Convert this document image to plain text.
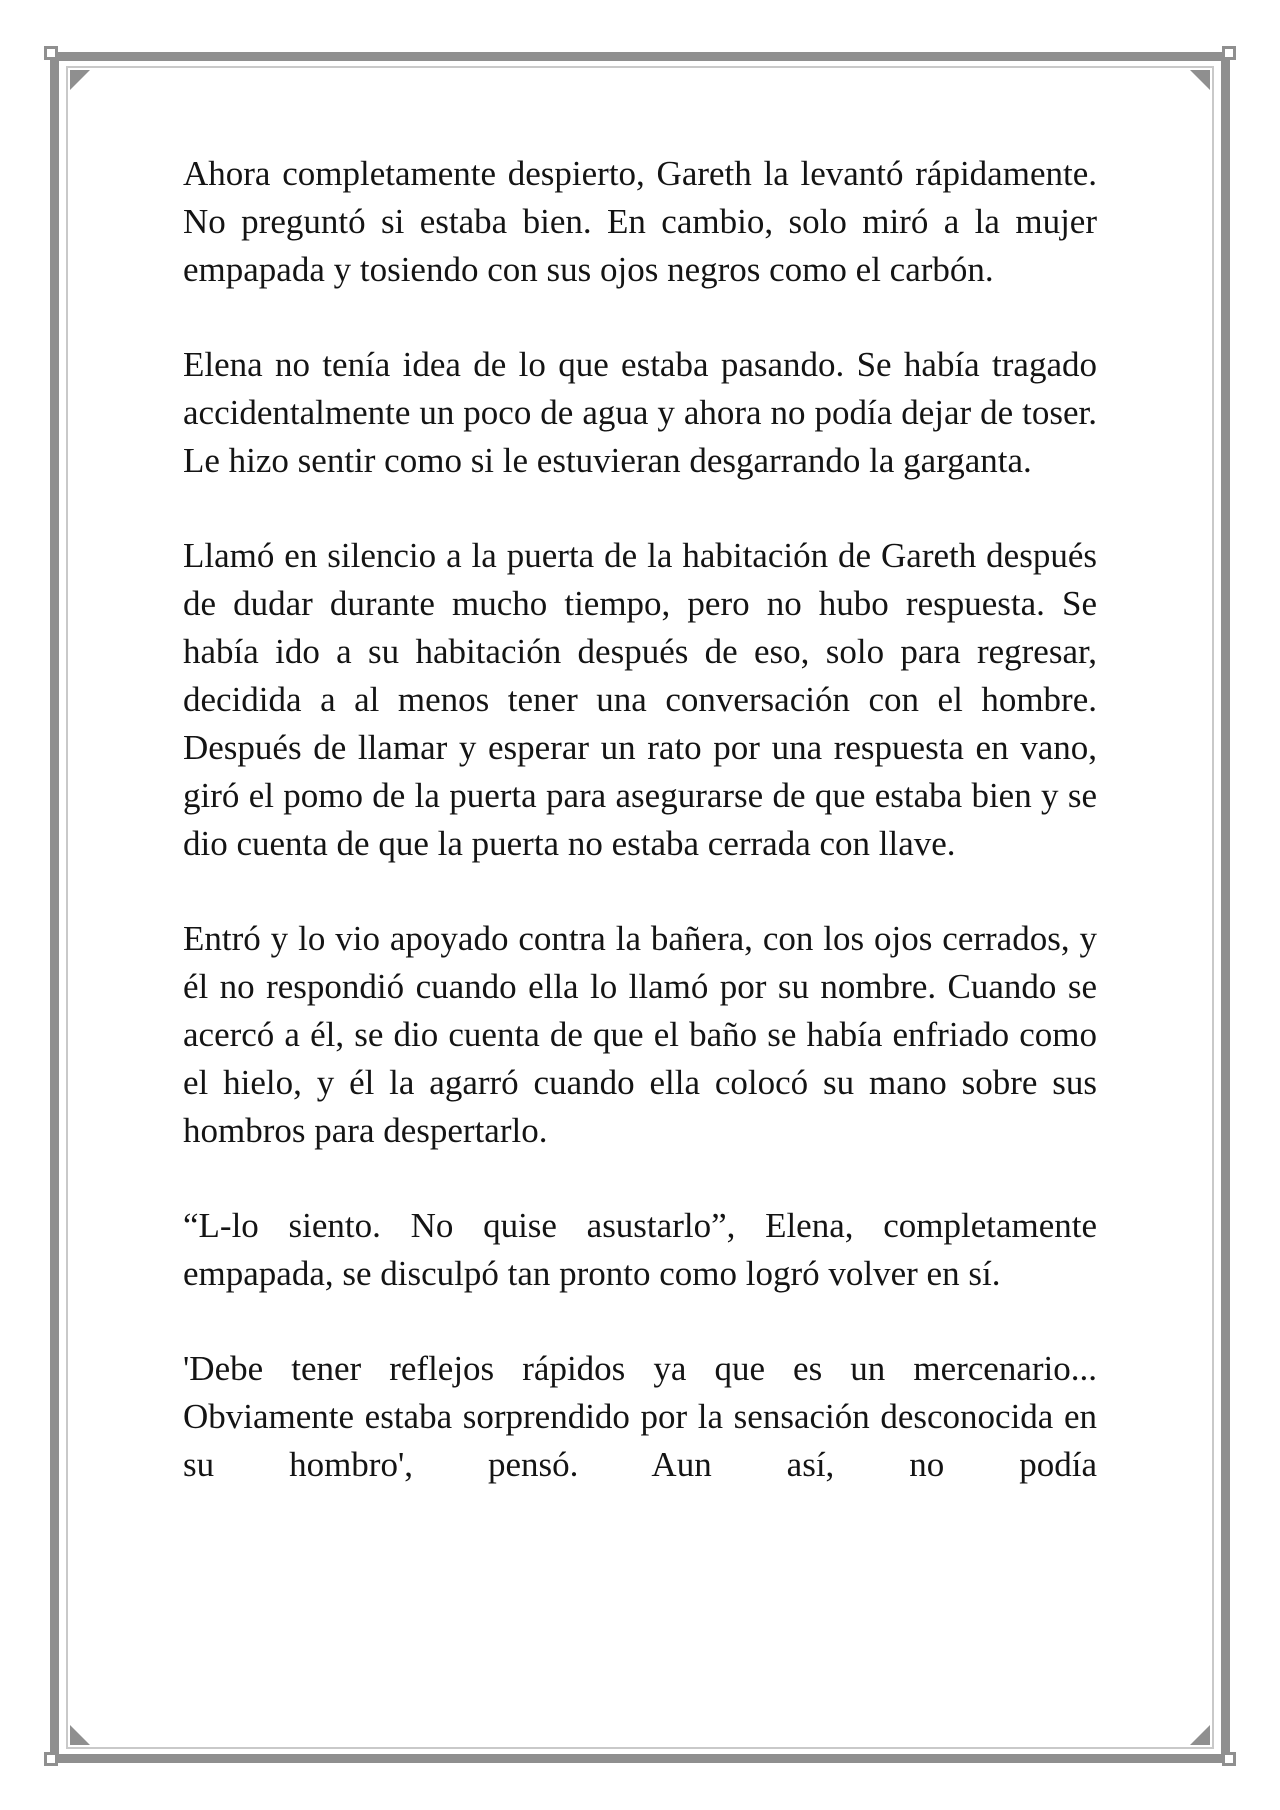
Ahora completamente despierto, Gareth la levantó rápidamente. No preguntó si estaba bien. En cambio, solo miró a la mujer empapada y tosiendo con sus ojos negros como el carbón.

Elena no tenía idea de lo que estaba pasando. Se había tragado accidentalmente un poco de agua y ahora no podía dejar de toser. Le hizo sentir como si le estuvieran desgarrando la garganta.

Llamó en silencio a la puerta de la habitación de Gareth después de dudar durante mucho tiempo, pero no hubo respuesta. Se había ido a su habitación después de eso, solo para regresar, decidida a al menos tener una conversación con el hombre. Después de llamar y esperar un rato por una respuesta en vano, giró el pomo de la puerta para asegurarse de que estaba bien y se dio cuenta de que la puerta no estaba cerrada con llave.

Entró y lo vio apoyado contra la bañera, con los ojos cerrados, y él no respondió cuando ella lo llamó por su nombre. Cuando se acercó a él, se dio cuenta de que el baño se había enfriado como el hielo, y él la agarró cuando ella colocó su mano sobre sus hombros para despertarlo.

“L-lo siento. No quise asustarlo”, Elena, completamente empapada, se disculpó tan pronto como logró volver en sí.

'Debe tener reflejos rápidos ya que es un mercenario... Obviamente estaba sorprendido por la sensación desconocida en su hombro', pensó. Aun así, no podía
